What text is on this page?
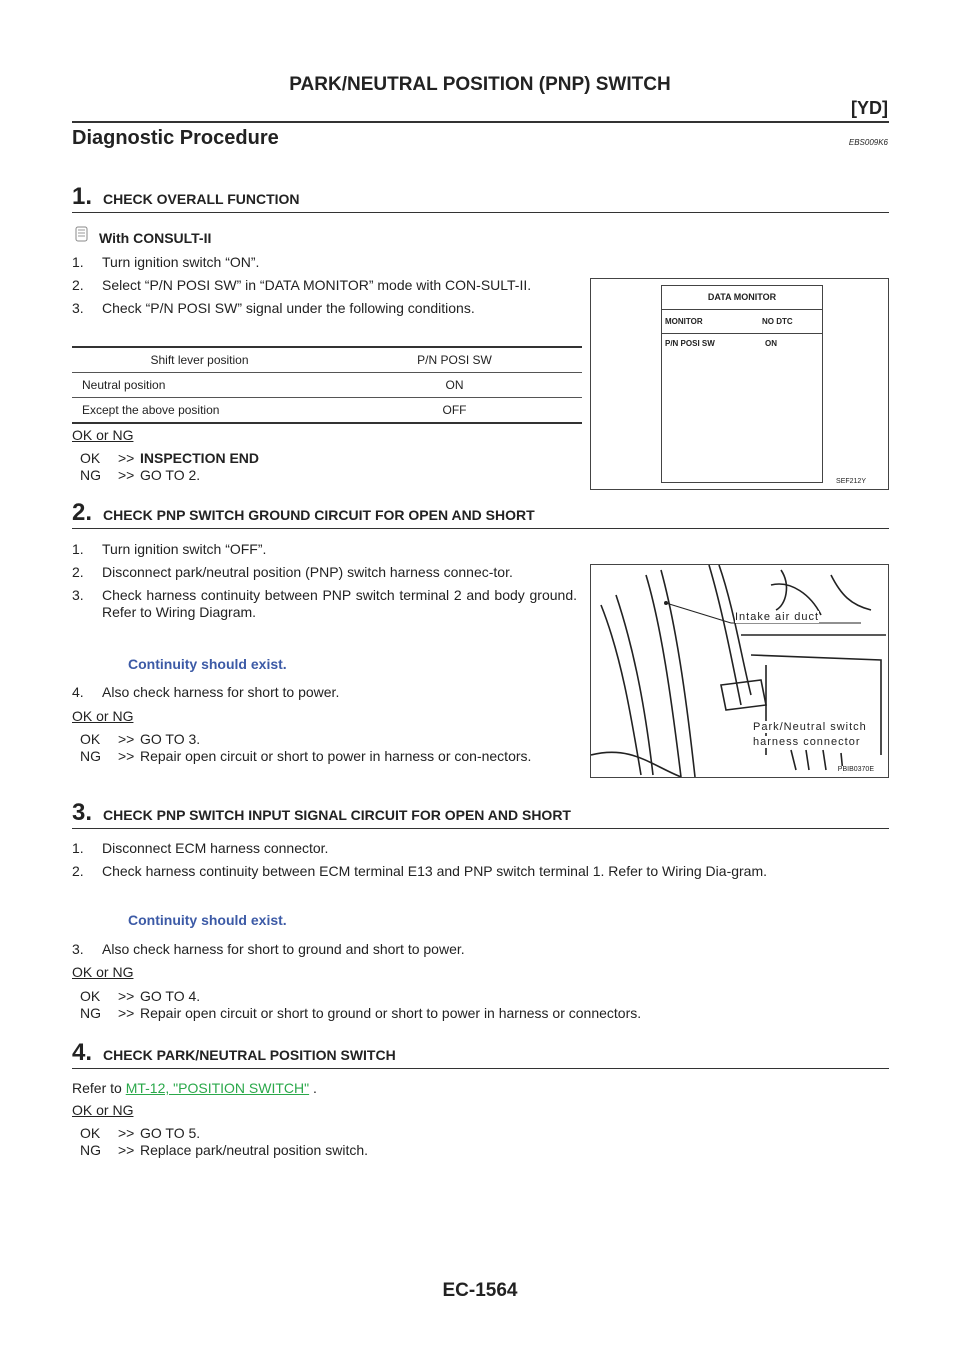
PARK/NEUTRAL POSITION (PNP) SWITCH
[YD]
Diagnostic Procedure	EBS009K6
1. CHECK OVERALL FUNCTION
With CONSULT-II
1.	Turn ignition switch “ON”.
2.	Select “P/N POSI SW” in “DATA MONITOR” mode with CON-SULT-II.
3.	Check “P/N POSI SW” signal under the following conditions.
Shift lever position	P/N POSI SW
Neutral position	ON
Except the above position	OFF
OK or NG
OK	>> INSPECTION END
NG	>> GO TO 2.
DATA MONITOR
MONITOR	NO DTC
P/N POSI SW	ON
SEF212Y
2. CHECK PNP SWITCH GROUND CIRCUIT FOR OPEN AND SHORT
1.	Turn ignition switch “OFF”.
2.	Disconnect park/neutral position (PNP) switch harness connec-tor.
3.	Check harness continuity between PNP switch terminal 2 and body ground. Refer to Wiring Diagram.
Continuity should exist.
4.	Also check harness for short to power.
OK or NG
OK	>> GO TO 3.
NG	>> Repair open circuit or short to power in harness or con-nectors.
Intake air duct
Park/Neutral switch
harness connector
PBIB0370E
3. CHECK PNP SWITCH INPUT SIGNAL CIRCUIT FOR OPEN AND SHORT
1.	Disconnect ECM harness connector.
2.	Check harness continuity between ECM terminal E13 and PNP switch terminal 1. Refer to Wiring Dia-gram.
Continuity should exist.
3.	Also check harness for short to ground and short to power.
OK or NG
OK	>> GO TO 4.
NG	>> Repair open circuit or short to ground or short to power in harness or connectors.
4. CHECK PARK/NEUTRAL POSITION SWITCH
Refer to MT-12, "POSITION SWITCH" .
OK or NG
OK	>> GO TO 5.
NG	>> Replace park/neutral position switch.
EC-1564
